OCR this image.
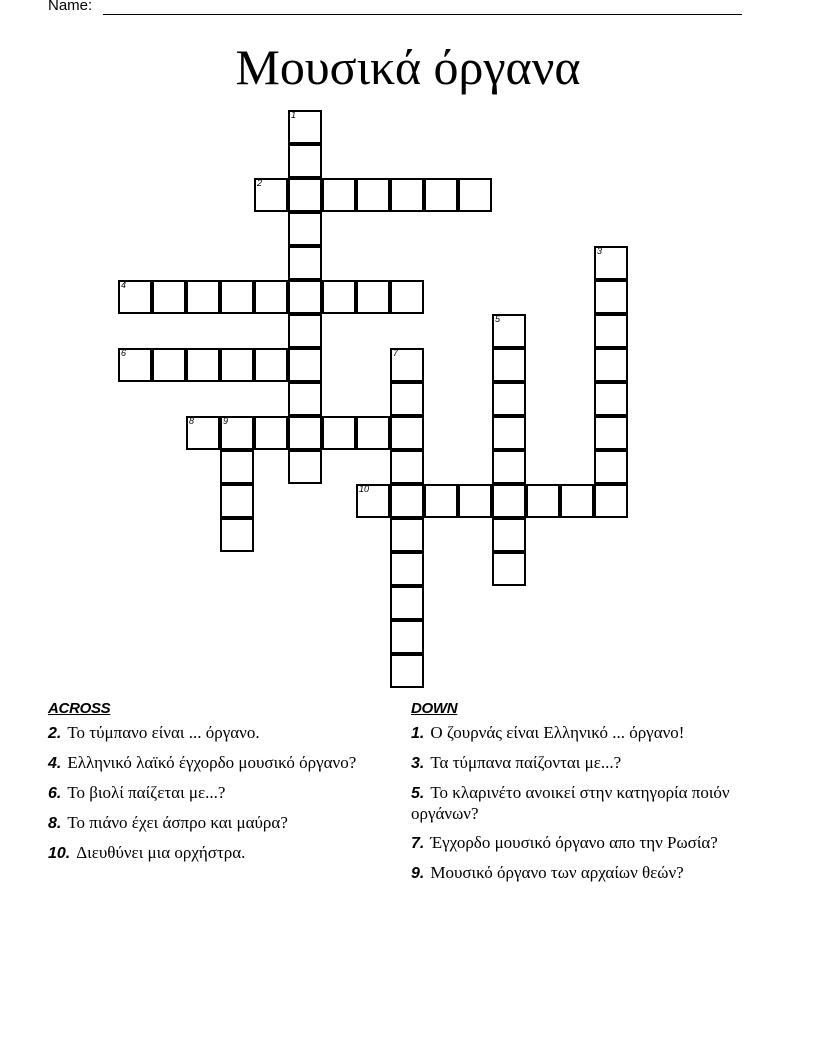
Name:
Μουσικά όργανα
1
2
3
4
5
6	7
8	9
10
ACROSS
2. Το τύμπανο είναι ... όργανο.
4. Ελληνικό λαϊκό έγχορδο μουσικό όργανο?
6. Το βιολί παίζεται με...?
8. Το πιάνο έχει άσπρο και μαύρα?
10. Διευθύνει μια ορχήστρα.
DOWN
1. Ο ζουρνάς είναι Ελληνικό ... όργανο!
3. Τα τύμπανα παίζονται με...?
5. Το κλαρινέτο ανοικεί στην κατηγορία ποιόν οργάνων?
7. Έγχορδο μουσικό όργανο απο την Ρωσία?
9. Μουσικό όργανο των αρχαίων θεών?
